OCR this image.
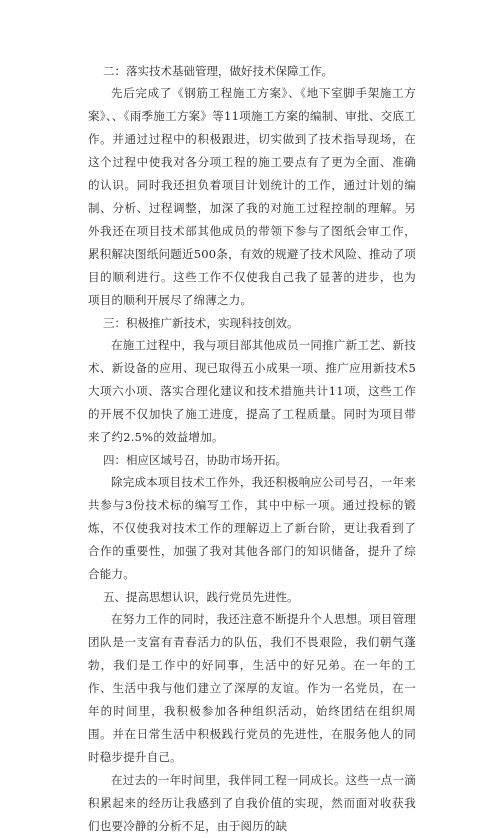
二：落实技术基础管理，做好技术保障工作。

先后完成了《钢筋工程施工方案》、《地下室脚手架施工方案》、、《雨季施工方案》等11项施工方案的编制、审批、交底工作。并通过过程中的积极跟进，切实做到了技术指导现场，在这个过程中使我对各分项工程的施工要点有了更为全面、准确的认识。同时我还担负着项目计划统计的工作，通过计划的编制、分析、过程调整，加深了我的对施工过程控制的理解。另外我还在项目技术部其他成员的带领下参与了图纸会审工作，累积解决图纸问题近500条，有效的规避了技术风险、推动了项目的顺利进行。这些工作不仅使我自己我了显著的进步，也为项目的顺利开展尽了绵薄之力。

三：积极推广新技术，实现科技创效。

在施工过程中，我与项目部其他成员一同推广新工艺、新技术、新设备的应用、现已取得五小成果一项、推广应用新技术5大项六小项、落实合理化建议和技术措施共计11项，这些工作的开展不仅加快了施工进度，提高了工程质量。同时为项目带来了约2.5%的效益增加。

四：相应区域号召，协助市场开拓。

除完成本项目技术工作外，我还积极响应公司号召，一年来共参与3份技术标的编写工作，其中中标一项。通过投标的锻炼，不仅使我对技术工作的理解迈上了新台阶，更让我看到了合作的重要性，加强了我对其他各部门的知识储备，提升了综合能力。

五、提高思想认识，践行党员先进性。

在努力工作的同时，我还注意不断提升个人思想。项目管理团队是一支富有青春活力的队伍，我们不畏艰险，我们朝气蓬勃，我们是工作中的好同事，生活中的好兄弟。在一年的工作、生活中我与他们建立了深厚的友谊。作为一名党员，在一年的时间里，我积极参加各种组织活动，始终团结在组织周围。并在日常生活中积极践行党员的先进性，在服务他人的同时稳步提升自己。

在过去的一年时间里，我伴同工程一同成长。这些一点一滴积累起来的经历让我感到了自我价值的实现，然而面对收获我们也要冷静的分析不足，由于阅历的缺
